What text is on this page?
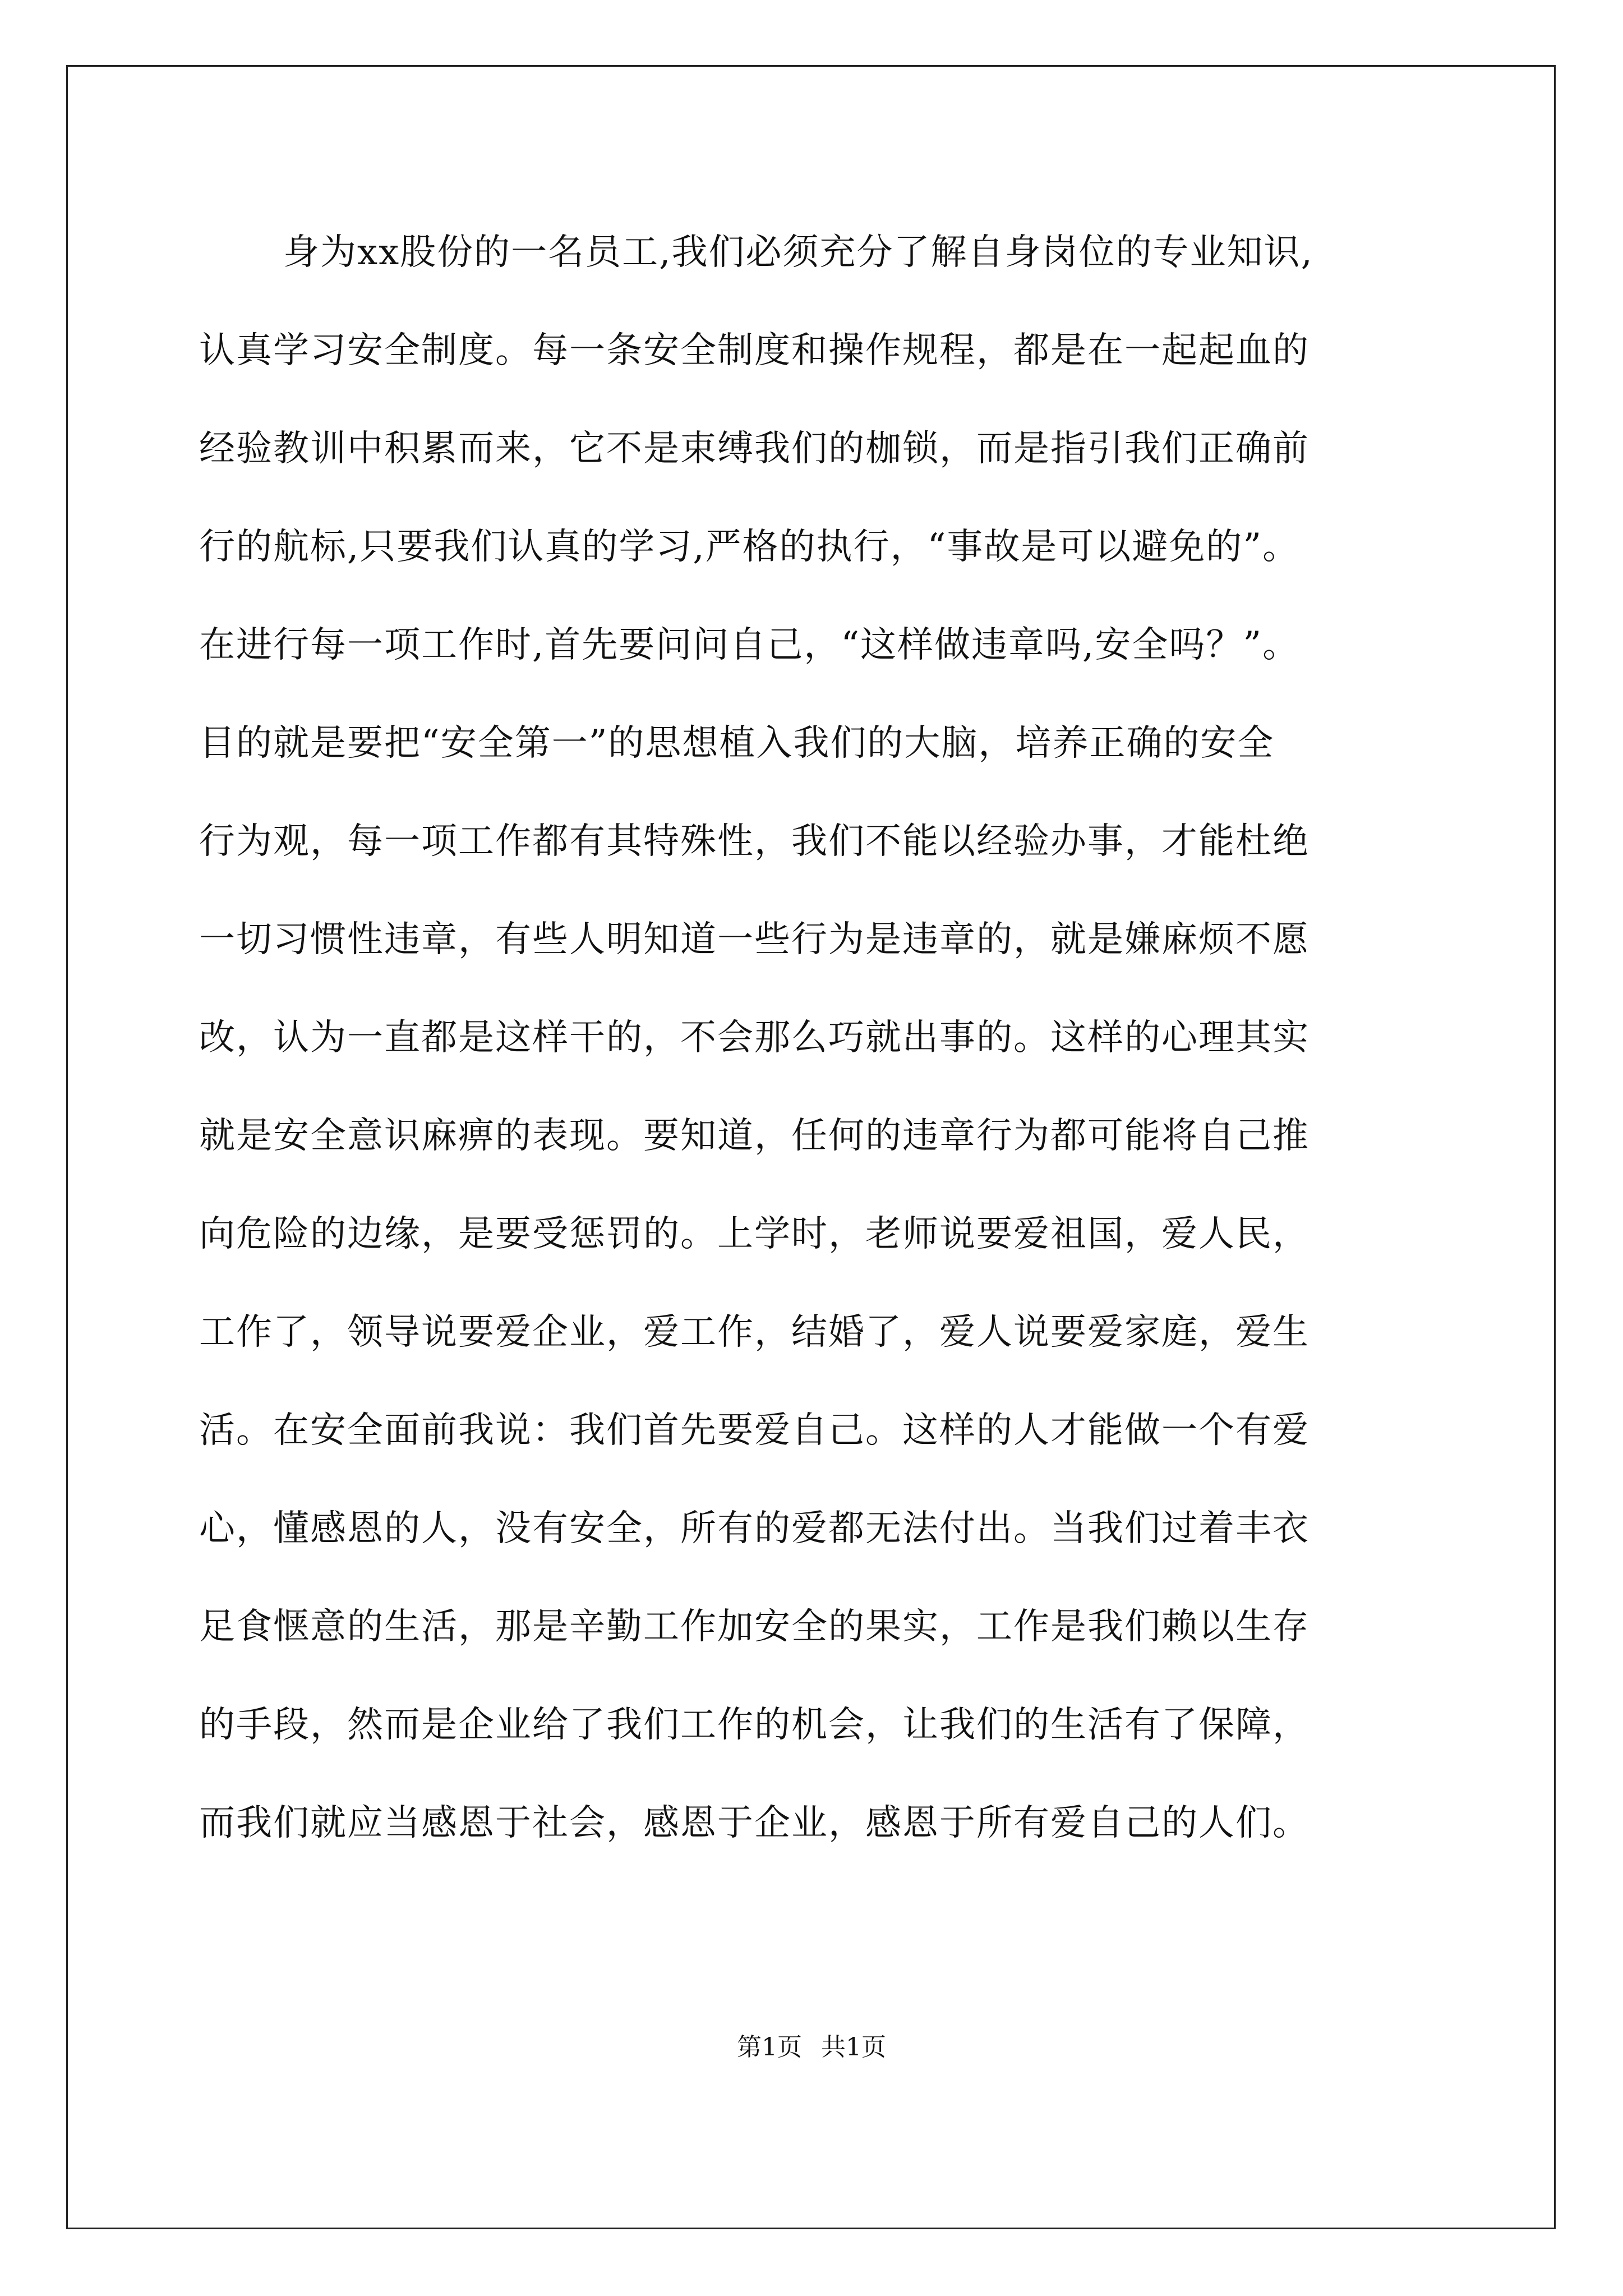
身为xx股份的一名员工,我们必须充分了解自身岗位的专业知识,
认真学习安全制度。每一条安全制度和操作规程，都是在一起起血的
经验教训中积累而来，它不是束缚我们的枷锁，而是指引我们正确前
行的航标,只要我们认真的学习,严格的执行，“事故是可以避免的”。
在进行每一项工作时,首先要问问自己，“这样做违章吗,安全吗？”。
目的就是要把“安全第一”的思想植入我们的大脑，培养正确的安全
行为观，每一项工作都有其特殊性，我们不能以经验办事，才能杜绝
一切习惯性违章，有些人明知道一些行为是违章的，就是嫌麻烦不愿
改，认为一直都是这样干的，不会那么巧就出事的。这样的心理其实
就是安全意识麻痹的表现。要知道，任何的违章行为都可能将自己推
向危险的边缘，是要受惩罚的。上学时，老师说要爱祖国，爱人民，
工作了，领导说要爱企业，爱工作，结婚了，爱人说要爱家庭，爱生
活。在安全面前我说：我们首先要爱自己。这样的人才能做一个有爱
心，懂感恩的人，没有安全，所有的爱都无法付出。当我们过着丰衣
足食惬意的生活，那是辛勤工作加安全的果实，工作是我们赖以生存
的手段，然而是企业给了我们工作的机会，让我们的生活有了保障，
而我们就应当感恩于社会，感恩于企业，感恩于所有爱自己的人们。
第1页 共1页
